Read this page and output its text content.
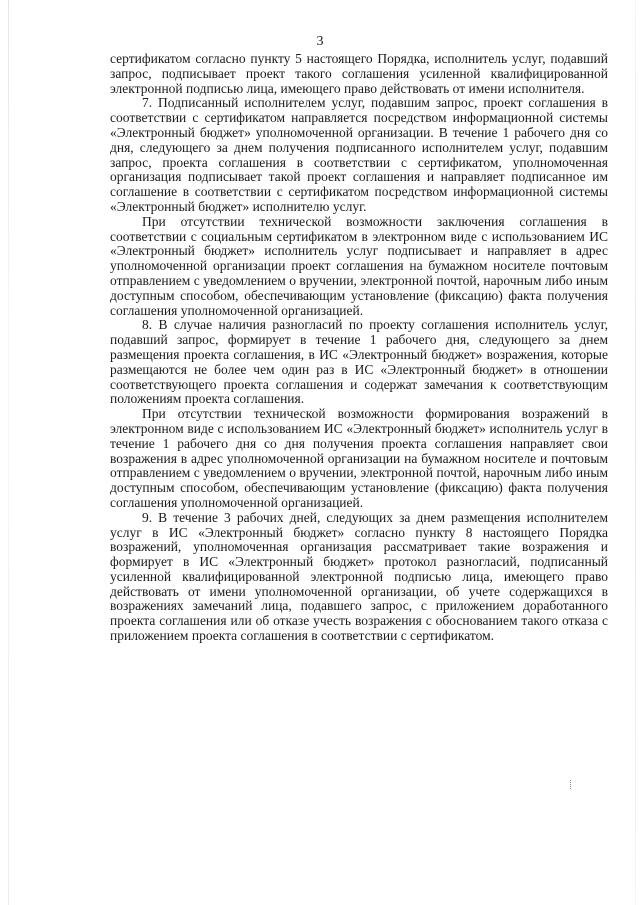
3

сертификатом согласно пункту 5 настоящего Порядка, исполнитель услуг, подавший запрос, подписывает проект такого соглашения усиленной квалифицированной электронной подписью лица, имеющего право действовать от имени исполнителя.

7. Подписанный исполнителем услуг, подавшим запрос, проект соглашения в соответствии с сертификатом направляется посредством информационной системы «Электронный бюджет» уполномоченной организации. В течение 1 рабочего дня со дня, следующего за днем получения подписанного исполнителем услуг, подавшим запрос, проекта соглашения в соответствии с сертификатом, уполномоченная организация подписывает такой проект соглашения и направляет подписанное им соглашение в соответствии с сертификатом посредством информационной системы «Электронный бюджет» исполнителю услуг.

При отсутствии технической возможности заключения соглашения в соответствии с социальным сертификатом в электронном виде с использованием ИС «Электронный бюджет» исполнитель услуг подписывает и направляет в адрес уполномоченной организации проект соглашения на бумажном носителе почтовым отправлением с уведомлением о вручении, электронной почтой, нарочным либо иным доступным способом, обеспечивающим установление (фиксацию) факта получения соглашения уполномоченной организацией.

8. В случае наличия разногласий по проекту соглашения исполнитель услуг, подавший запрос, формирует в течение 1 рабочего дня, следующего за днем размещения проекта соглашения, в ИС «Электронный бюджет» возражения, которые размещаются не более чем один раз в ИС «Электронный бюджет» в отношении соответствующего проекта соглашения и содержат замечания к соответствующим положениям проекта соглашения.

При отсутствии технической возможности формирования возражений в электронном виде с использованием ИС «Электронный бюджет» исполнитель услуг в течение 1 рабочего дня со дня получения проекта соглашения направляет свои возражения в адрес уполномоченной организации на бумажном носителе и почтовым отправлением с уведомлением о вручении, электронной почтой, нарочным либо иным доступным способом, обеспечивающим установление (фиксацию) факта получения соглашения уполномоченной организацией.

9. В течение 3 рабочих дней, следующих за днем размещения исполнителем услуг в ИС «Электронный бюджет» согласно пункту 8 настоящего Порядка возражений, уполномоченная организация рассматривает такие возражения и формирует в ИС «Электронный бюджет» протокол разногласий, подписанный усиленной квалифицированной электронной подписью лица, имеющего право действовать от имени уполномоченной организации, об учете содержащихся в возражениях замечаний лица, подавшего запрос, с приложением доработанного проекта соглашения или об отказе учесть возражения с обоснованием такого отказа с приложением проекта соглашения в соответствии с сертификатом.
